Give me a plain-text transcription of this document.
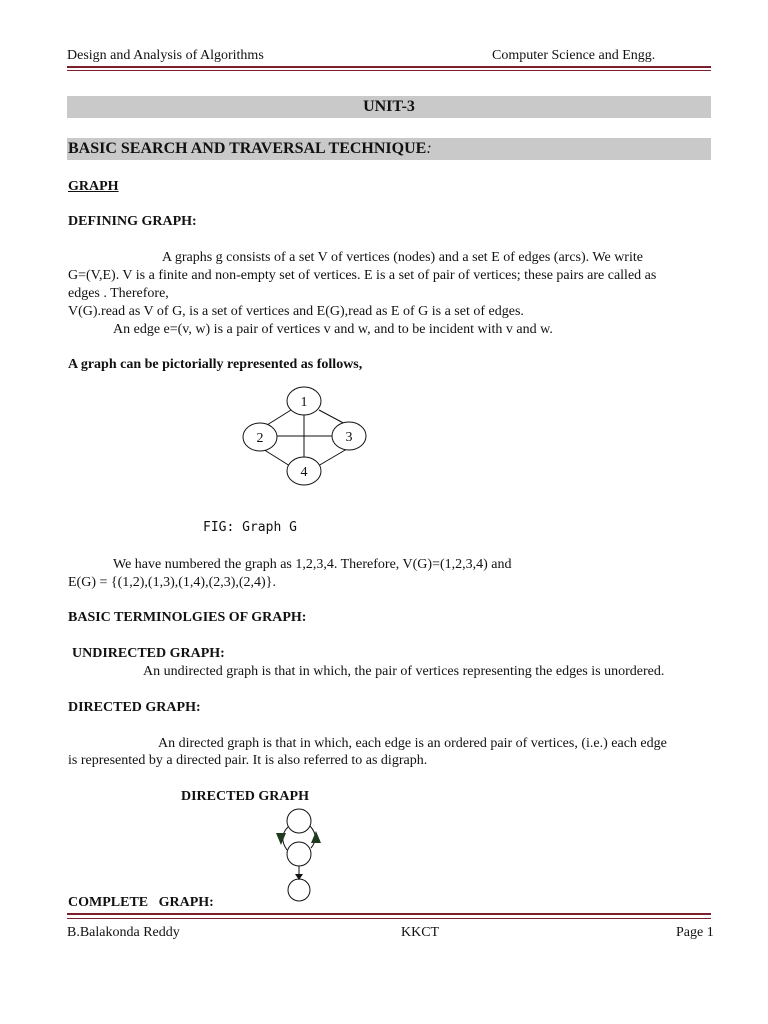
Design and Analysis of Algorithms	Computer Science and Engg.
UNIT-3
BASIC SEARCH AND TRAVERSAL TECHNIQUE:
GRAPH
DEFINING GRAPH:
A graphs g consists of a set V of vertices (nodes) and a set E of edges (arcs). We write
G=(V,E). V is a finite and non-empty set of vertices. E is a set of pair of vertices; these pairs are called as
edges . Therefore,
V(G).read as V of G, is a set of vertices and E(G),read as E of G is a set of edges.
An edge e=(v, w) is a pair of vertices v and w, and to be incident with v and w.
A graph can be pictorially represented as follows,
1
2	3
4
FIG: Graph G
We have numbered the graph as 1,2,3,4. Therefore, V(G)=(1,2,3,4) and
E(G) = {(1,2),(1,3),(1,4),(2,3),(2,4)}.
BASIC TERMINOLGIES OF GRAPH:
UNDIRECTED GRAPH:
An undirected graph is that in which, the pair of vertices representing the edges is unordered.
DIRECTED GRAPH:
An directed graph is that in which, each edge is an ordered pair of vertices, (i.e.) each edge
is represented by a directed pair. It is also referred to as digraph.
DIRECTED GRAPH
COMPLETE   GRAPH:
B.Balakonda Reddy	KKCT	Page 1
